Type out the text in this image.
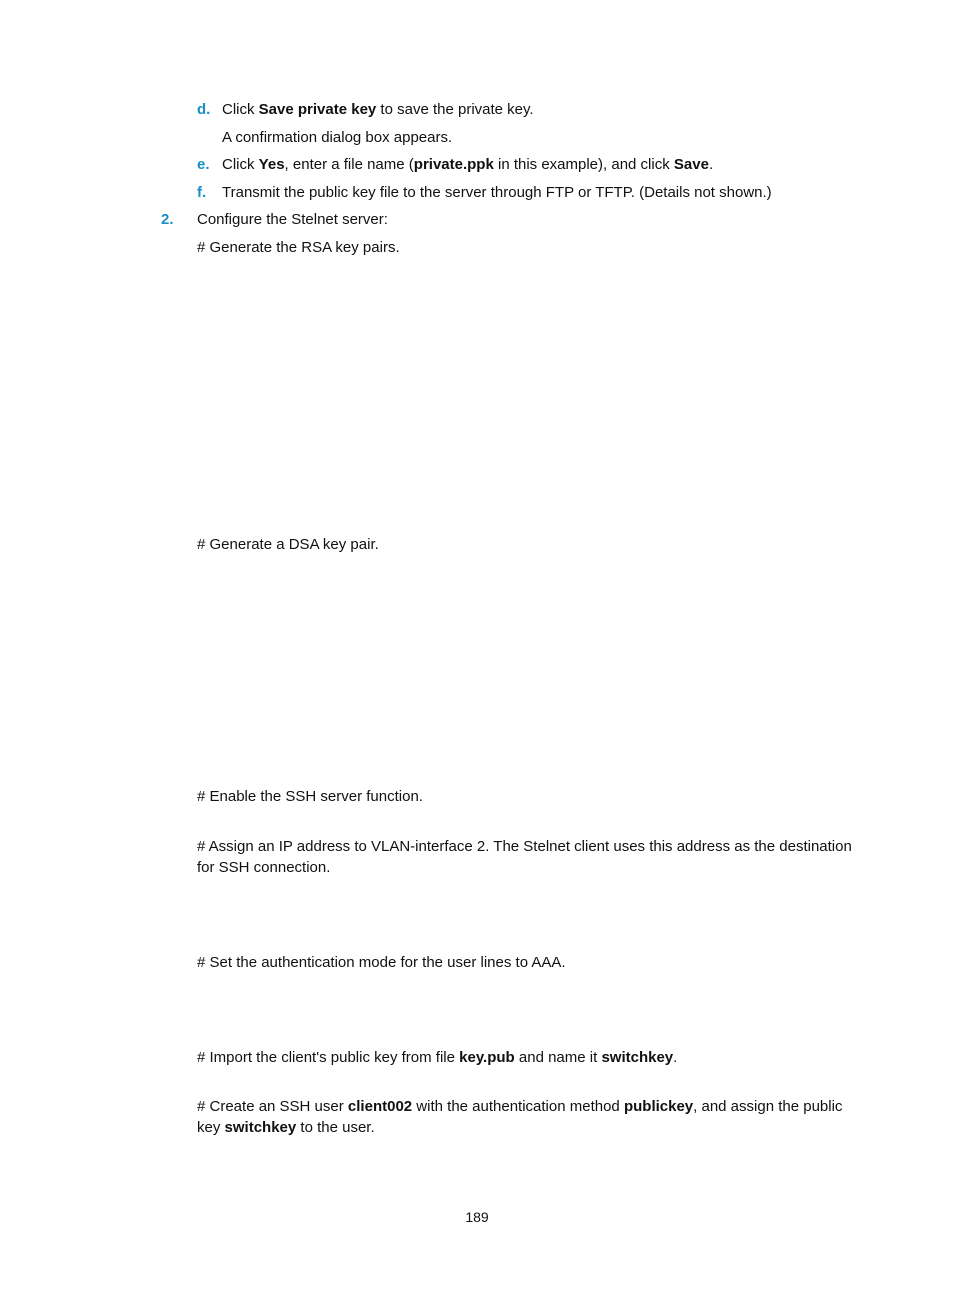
d. Click Save private key to save the private key.
A confirmation dialog box appears.
e. Click Yes, enter a file name (private.ppk in this example), and click Save.
f. Transmit the public key file to the server through FTP or TFTP. (Details not shown.)
2. Configure the Stelnet server:
# Generate the RSA key pairs.
# Generate a DSA key pair.
# Enable the SSH server function.
# Assign an IP address to VLAN-interface 2. The Stelnet client uses this address as the destination for SSH connection.
# Set the authentication mode for the user lines to AAA.
# Import the client's public key from file key.pub and name it switchkey.
# Create an SSH user client002 with the authentication method publickey, and assign the public key switchkey to the user.
189
